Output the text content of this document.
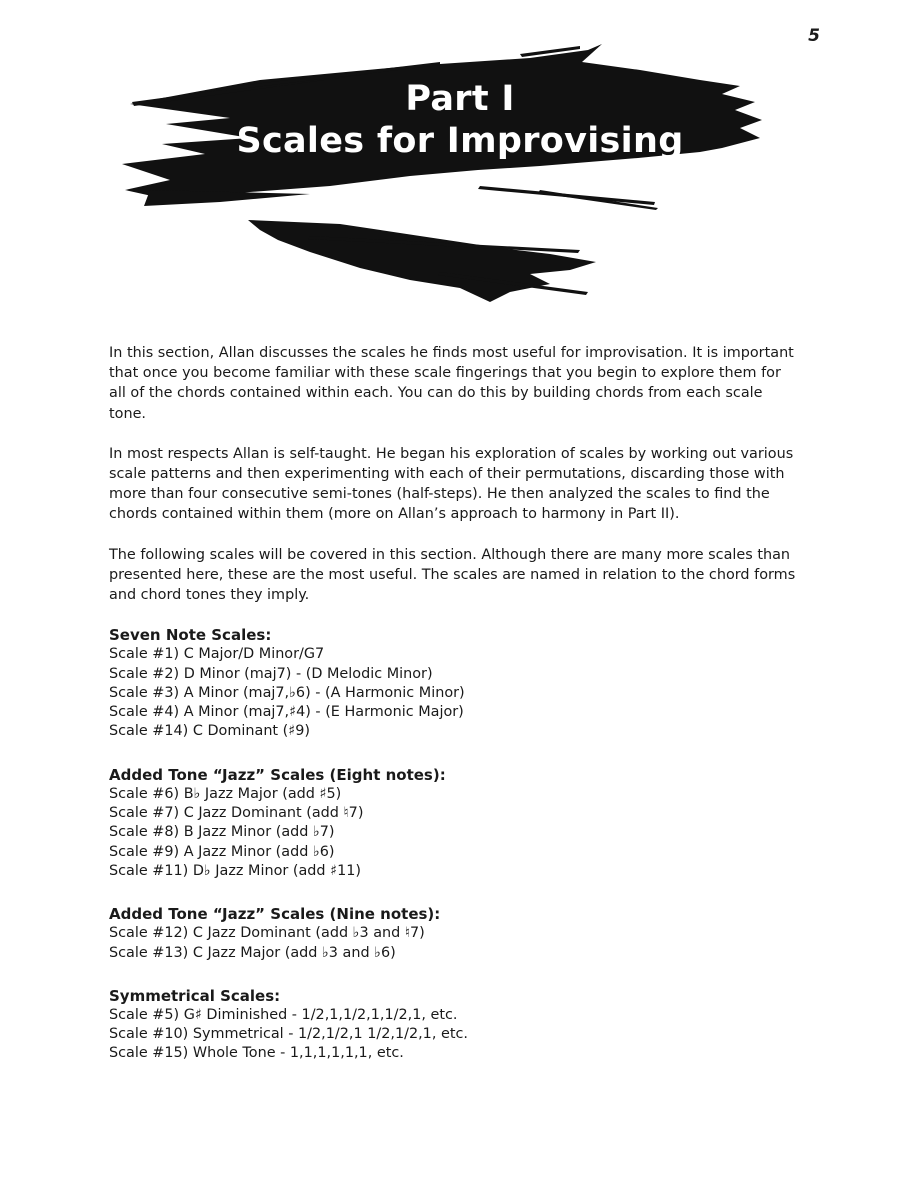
5
Part I
Scales for Improvising

In this section, Allan discusses the scales he finds most useful for improvisation. It is important that once you become familiar with these scale fingerings that you begin to explore them for all of the chords contained within each. You can do this by building chords from each scale tone.

In most respects Allan is self-taught. He began his exploration of scales by working out various scale patterns and then experimenting with each of their permutations, discarding those with more than four consecutive semi-tones (half-steps). He then analyzed the scales to find the chords contained within them (more on Allan’s approach to harmony in Part II).

The following scales will be covered in this section. Although there are many more scales than presented here, these are the most useful. The scales are named in relation to the chord forms and chord tones they imply.

Seven Note Scales:
Scale #1) C Major/D Minor/G7
Scale #2) D Minor (maj7) - (D Melodic Minor)
Scale #3) A Minor (maj7,♭6) - (A Harmonic Minor)
Scale #4) A Minor (maj7,♯4) - (E Harmonic Major)
Scale #14) C Dominant (♯9)
Added Tone “Jazz” Scales (Eight notes):
Scale #6) B♭ Jazz Major (add ♯5)
Scale #7) C Jazz Dominant (add ♮7)
Scale #8) B Jazz Minor (add ♭7)
Scale #9) A Jazz Minor (add ♭6)
Scale #11) D♭ Jazz Minor (add ♯11)
Added Tone “Jazz” Scales (Nine notes):
Scale #12) C Jazz Dominant (add ♭3 and ♮7)
Scale #13) C Jazz Major (add ♭3 and ♭6)
Symmetrical Scales:
Scale #5) G♯ Diminished - 1/2,1,1/2,1,1/2,1, etc.
Scale #10) Symmetrical - 1/2,1/2,1 1/2,1/2,1, etc.
Scale #15) Whole Tone - 1,1,1,1,1,1, etc.
